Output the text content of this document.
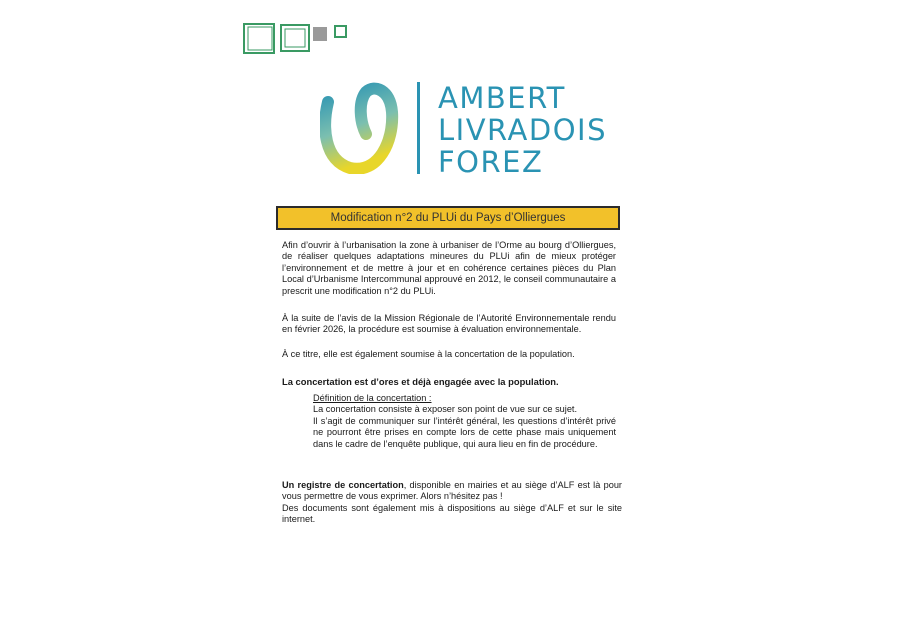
AMBERT
LIVRADOIS
FOREZ
Modification n°2 du PLUi du Pays d’Olliergues

Afin d’ouvrir à l’urbanisation la zone à urbaniser de l’Orme au bourg d’Olliergues, de réaliser quelques adaptations mineures du PLUi afin de mieux protéger l’environnement et de mettre à jour et en cohérence certaines pièces du Plan Local d’Urbanisme Intercommunal approuvé en 2012, le conseil communautaire a prescrit une modification n°2 du PLUi.

À la suite de l’avis de la Mission Régionale de l’Autorité Environnementale rendu en février 2026, la procédure est soumise à évaluation environnementale.

À ce titre, elle est également soumise à la concertation de la population.

La concertation est d’ores et déjà engagée avec la population.

Définition de la concertation :

La concertation consiste à exposer son point de vue sur ce sujet.

Il s’agit de communiquer sur l’intérêt général, les questions d’intérêt privé ne pourront être prises en compte lors de cette phase mais uniquement dans le cadre de l’enquête publique, qui aura lieu en fin de procédure.

Un registre de concertation, disponible en mairies et au siège d’ALF est là pour vous permettre de vous exprimer. Alors n’hésitez pas !

Des documents sont également mis à dispositions au siège d’ALF et sur le site internet.
